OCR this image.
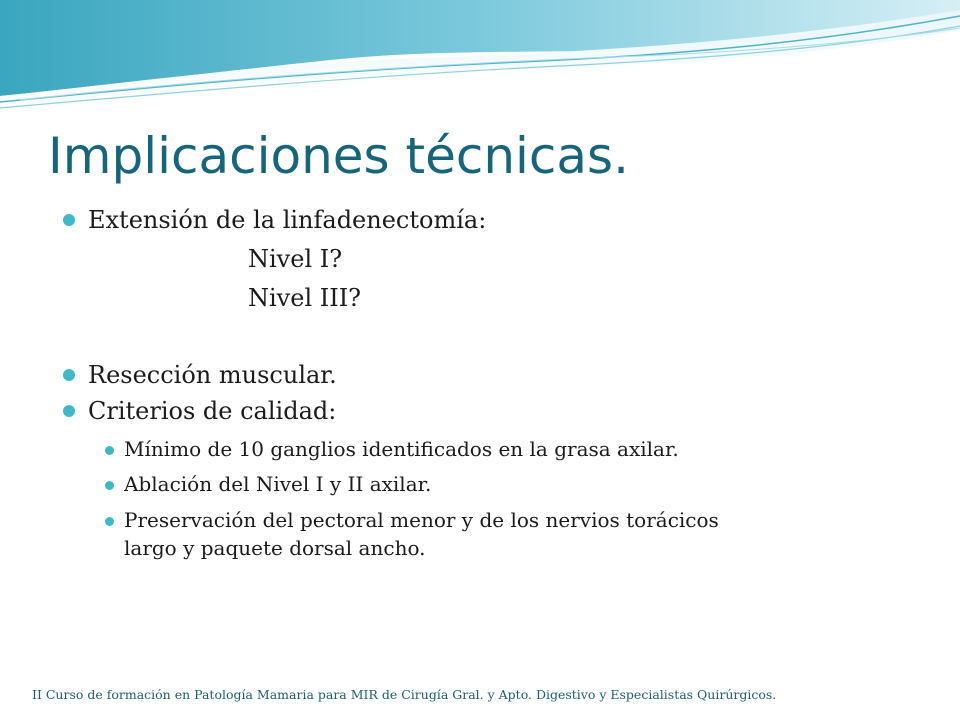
Implicaciones técnicas.
Extensión de la linfadenectomía:
Nivel I?
Nivel III?
Resección muscular.
Criterios de calidad:
Mínimo de 10 ganglios identificados en la grasa axilar.
Ablación del Nivel I y II axilar.
Preservación del pectoral menor y de los nervios torácicos
largo y paquete dorsal ancho.
II Curso de formación en Patología Mamaria para MIR de Cirugía Gral. y Apto. Digestivo y Especialistas Quirúrgicos.
